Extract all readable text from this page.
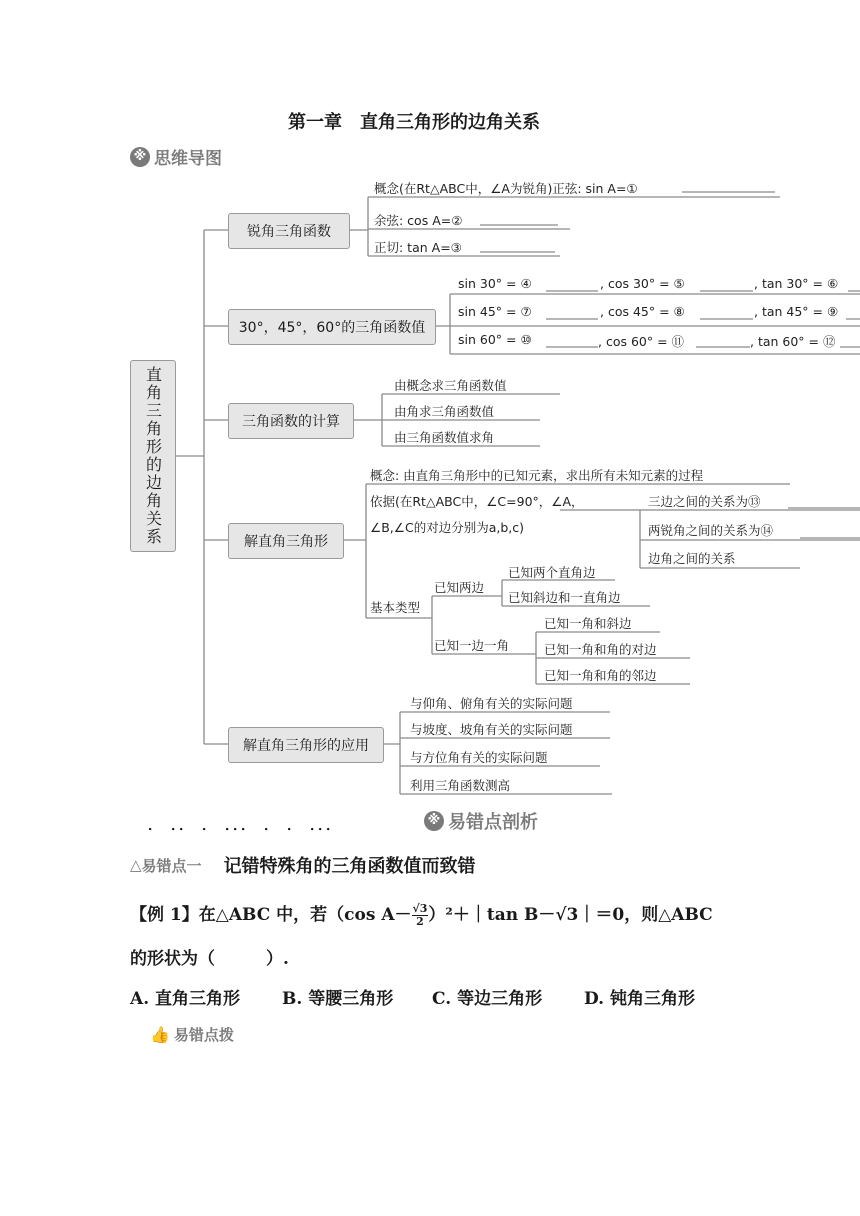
第一章　直角三角形的边角关系
※ 思维导图
直角三角形的边角关系
锐角三角函数
30°，45°，60°的三角函数值
三角函数的计算
解直角三角形
解直角三角形的应用
概念(在Rt△ABC中，∠A为锐角)正弦: sin A=①
余弦: cos A=②
正切: tan A=③
sin 30° = ④	, cos 30° = ⑤	, tan 30° = ⑥
sin 45° = ⑦	, cos 45° = ⑧	, tan 45° = ⑨
sin 60° = ⑩	, cos 60° = ⑪	, tan 60° = ⑫
由概念求三角函数值
由角求三角函数值
由三角函数值求角
概念: 由直角三角形中的已知元素，求出所有未知元素的过程
依据(在Rt△ABC中，∠C=90°，∠A，
∠B,∠C的对边分别为a,b,c)
三边之间的关系为⑬
两锐角之间的关系为⑭
边角之间的关系
基本类型
已知两边
已知两个直角边
已知斜边和一直角边
已知一边一角
已知一角和斜边
已知一角和角的对边
已知一角和角的邻边
与仰角、俯角有关的实际问题
与坡度、坡角有关的实际问题
与方位角有关的实际问题
利用三角函数测高
．　．．　．　．．．　．　．　．．．	※ 易错点剖析
△ 易错点一 记错特殊角的三角函数值而致错
【例 1】在△ABC 中，若（cos $A- \frac{√3}{2}$ ）²＋｜tan B－√3｜＝0，则△ABC
的形状为（　　　）.
A. 直角三角形 B. 等腰三角形 C. 等边三角形 D. 钝角三角形
👍 易错点拨
